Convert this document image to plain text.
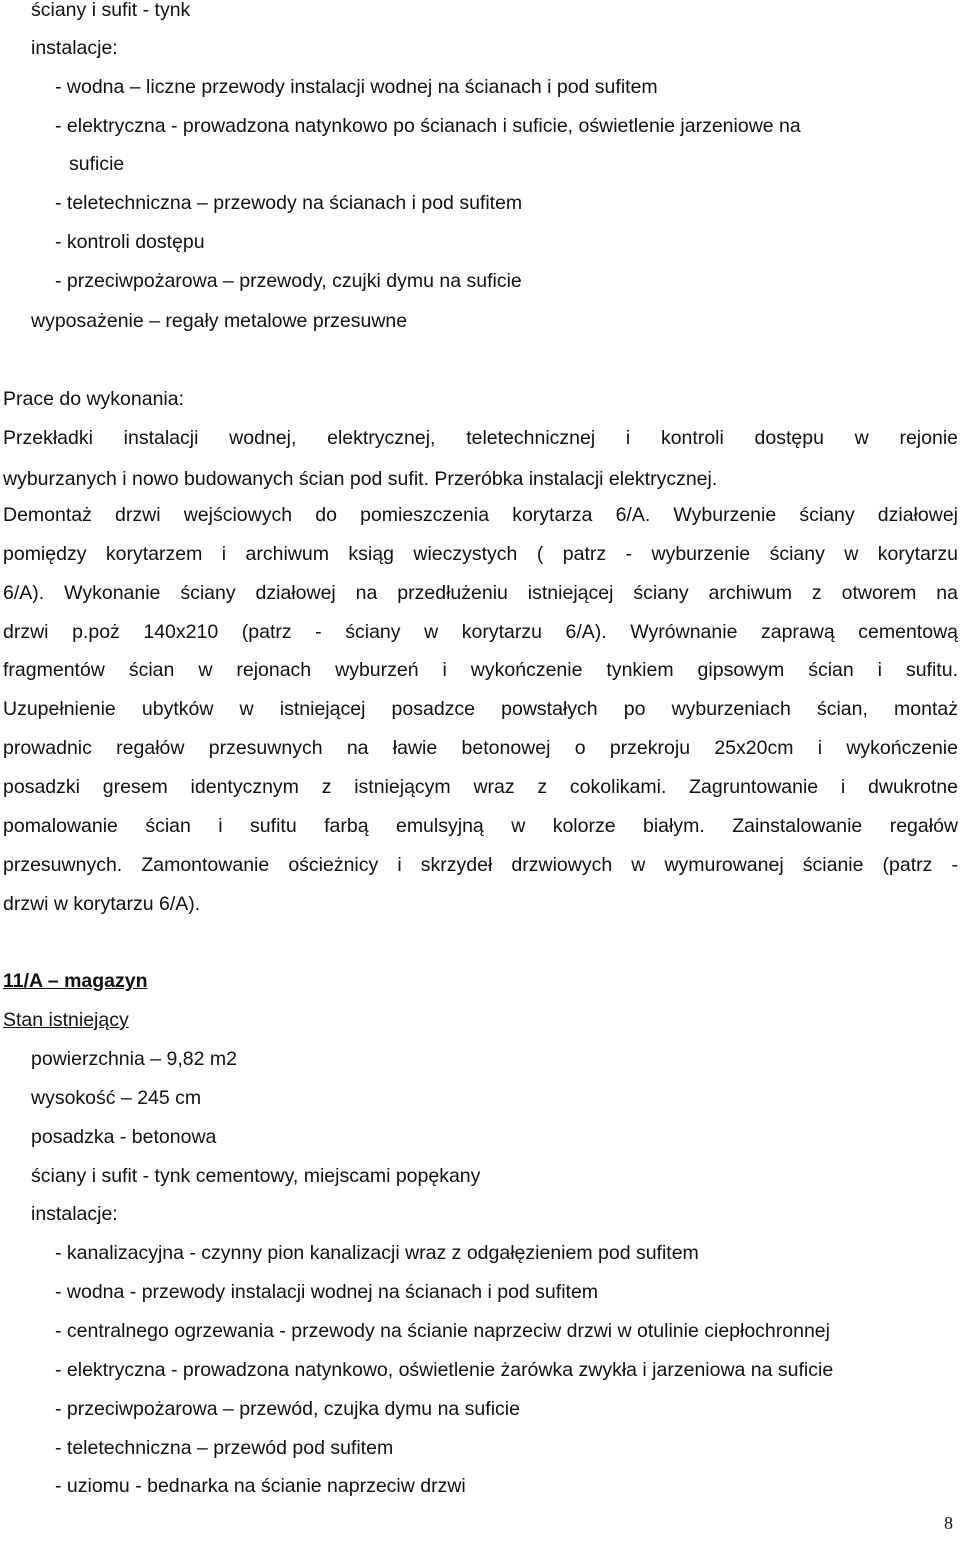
ściany i sufit - tynk
instalacje:
- wodna – liczne przewody instalacji wodnej na ścianach i pod sufitem
- elektryczna - prowadzona natynkowo po ścianach i suficie, oświetlenie jarzeniowe na
suficie
- teletechniczna – przewody na ścianach i pod sufitem
- kontroli dostępu
- przeciwpożarowa – przewody, czujki dymu na suficie
wyposażenie – regały metalowe przesuwne
Prace do wykonania:
Przekładki instalacji wodnej, elektrycznej, teletechnicznej i kontroli dostępu w rejonie
wyburzanych i nowo budowanych ścian pod sufit. Przeróbka instalacji elektrycznej.
Demontaż drzwi wejściowych do pomieszczenia korytarza 6/A. Wyburzenie ściany działowej
pomiędzy korytarzem i archiwum ksiąg wieczystych ( patrz - wyburzenie ściany w korytarzu
6/A). Wykonanie ściany działowej na przedłużeniu istniejącej ściany archiwum z otworem na
drzwi p.poż 140x210 (patrz - ściany w korytarzu 6/A). Wyrównanie zaprawą cementową
fragmentów ścian w rejonach wyburzeń i wykończenie tynkiem gipsowym ścian i sufitu.
Uzupełnienie ubytków w istniejącej posadzce powstałych po wyburzeniach ścian, montaż
prowadnic regałów przesuwnych na ławie betonowej o przekroju 25x20cm i wykończenie
posadzki gresem identycznym z istniejącym wraz z cokolikami. Zagruntowanie i dwukrotne
pomalowanie ścian i sufitu farbą emulsyjną w kolorze białym. Zainstalowanie regałów
przesuwnych. Zamontowanie ościeżnicy i skrzydeł drzwiowych w wymurowanej ścianie (patrz -
drzwi w korytarzu 6/A).
11/A – magazyn
Stan istniejący
powierzchnia – 9,82 m2
wysokość – 245 cm
posadzka - betonowa
ściany i sufit - tynk cementowy, miejscami popękany
instalacje:
- kanalizacyjna - czynny pion kanalizacji wraz z odgałęzieniem pod sufitem
- wodna - przewody instalacji wodnej na ścianach i pod sufitem
- centralnego ogrzewania - przewody na ścianie naprzeciw drzwi w otulinie ciepłochronnej
- elektryczna - prowadzona natynkowo, oświetlenie żarówka zwykła i jarzeniowa na suficie
- przeciwpożarowa – przewód, czujka dymu na suficie
- teletechniczna – przewód pod sufitem
- uziomu - bednarka na ścianie naprzeciw drzwi
8
